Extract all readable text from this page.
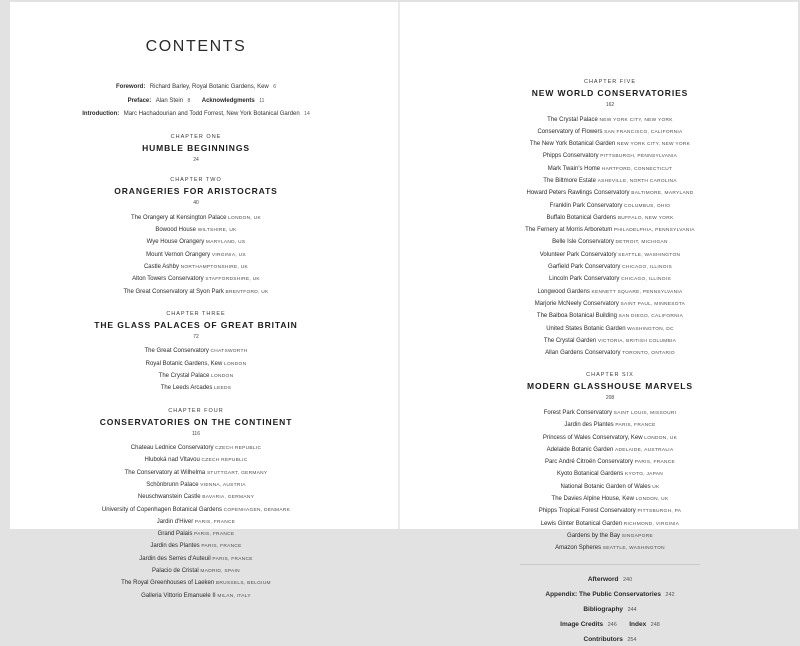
CONTENTS
Foreword: Richard Barley, Royal Botanic Gardens, Kew 6
Preface: Alan Stein 8 Acknowledgments 11
Introduction: Marc Hachadourian and Todd Forrest, New York Botanical Garden 14
CHAPTER ONE
HUMBLE BEGINNINGS
24
CHAPTER TWO
ORANGERIES FOR ARISTOCRATS
40
The Orangery at Kensington Palace LONDON, UK
Bowood House WILTSHIRE, UK
Wye House Orangery MARYLAND, US
Mount Vernon Orangery VIRGINIA, US
Castle Ashby NORTHAMPTONSHIRE, UK
Alton Towers Conservatory STAFFORDSHIRE, UK
The Great Conservatory at Syon Park BRENTFORD, UK
CHAPTER THREE
THE GLASS PALACES OF GREAT BRITAIN
72
The Great Conservatory CHATSWORTH
Royal Botanic Gardens, Kew LONDON
The Crystal Palace LONDON
The Leeds Arcades LEEDS
CHAPTER FOUR
CONSERVATORIES ON THE CONTINENT
116
Chateau Lednice Conservatory CZECH REPUBLIC
Hluboká nad Vltavou CZECH REPUBLIC
The Conservatory at Wilhelma STUTTGART, GERMANY
Schönbrunn Palace VIENNA, AUSTRIA
Neuschwanstein Castle BAVARIA, GERMANY
University of Copenhagen Botanical Gardens COPENHAGEN, DENMARK
Jardin d'Hiver PARIS, FRANCE
Grand Palais PARIS, FRANCE
Jardin des Plantes PARIS, FRANCE
Jardin des Serres d'Auteuil PARIS, FRANCE
Palacio de Cristal MADRID, SPAIN
The Royal Greenhouses of Laeken BRUSSELS, BELGIUM
Galleria Vittorio Emanuele II MILAN, ITALY
CHAPTER FIVE
NEW WORLD CONSERVATORIES
162
The Crystal Palace NEW YORK CITY, NEW YORK
Conservatory of Flowers SAN FRANCISCO, CALIFORNIA
The New York Botanical Garden NEW YORK CITY, NEW YORK
Phipps Conservatory PITTSBURGH, PENNSYLVANIA
Mark Twain's Home HARTFORD, CONNECTICUT
The Biltmore Estate ASHEVILLE, NORTH CAROLINA
Howard Peters Rawlings Conservatory BALTIMORE, MARYLAND
Franklin Park Conservatory COLUMBUS, OHIO
Buffalo Botanical Gardens BUFFALO, NEW YORK
The Fernery at Morris Arboretum PHILADELPHIA, PENNSYLVANIA
Belle Isle Conservatory DETROIT, MICHIGAN
Volunteer Park Conservatory SEATTLE, WASHINGTON
Garfield Park Conservatory CHICAGO, ILLINOIS
Lincoln Park Conservatory CHICAGO, ILLINOIS
Longwood Gardens KENNETT SQUARE, PENNSYLVANIA
Marjorie McNeely Conservatory SAINT PAUL, MINNESOTA
The Balboa Botanical Building SAN DIEGO, CALIFORNIA
United States Botanic Garden WASHINGTON, DC
The Crystal Garden VICTORIA, BRITISH COLUMBIA
Allan Gardens Conservatory TORONTO, ONTARIO
CHAPTER SIX
MODERN GLASSHOUSE MARVELS
208
Forest Park Conservatory SAINT LOUIS, MISSOURI
Jardin des Plantes PARIS, FRANCE
Princess of Wales Conservatory, Kew LONDON, UK
Adelaide Botanic Garden ADELAIDE, AUSTRALIA
Parc André Citroën Conservatory PARIS, FRANCE
Kyoto Botanical Gardens KYOTO, JAPAN
National Botanic Garden of Wales UK
The Davies Alpine House, Kew LONDON, UK
Phipps Tropical Forest Conservatory PITTSBURGH, PA
Lewis Ginter Botanical Garden RICHMOND, VIRGINIA
Gardens by the Bay SINGAPORE
Amazon Spheres SEATTLE, WASHINGTON
Afterword 240
Appendix: The Public Conservatories 242
Bibliography 244
Image Credits 246 Index 248
Contributors 254
